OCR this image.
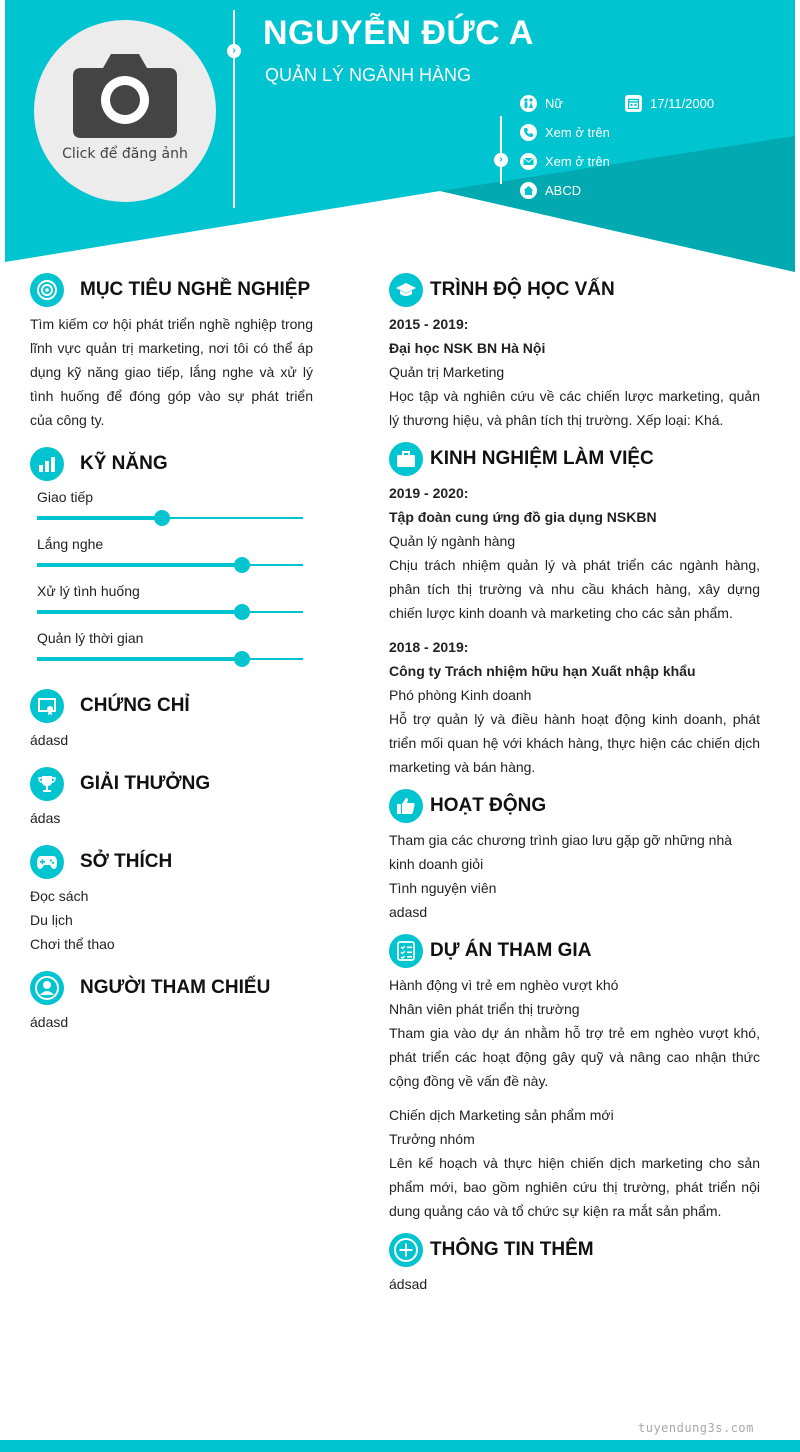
Click để đăng ảnh
› NGUYỄN ĐỨC A
QUẢN LÝ NGÀNH HÀNG
›
Nữ	17/11/2000
Xem ở trên
Xem ở trên
ABCD
MỤC TIÊU NGHỀ NGHIỆP
Tìm kiếm cơ hội phát triển nghề nghiệp trong lĩnh vực quản trị marketing, nơi tôi có thể áp dụng kỹ năng giao tiếp, lắng nghe và xử lý tình huống để đóng góp vào sự phát triển của công ty.
KỸ NĂNG
Giao tiếp
Lắng nghe
Xử lý tình huống
Quản lý thời gian
CHỨNG CHỈ
ádasd
GIẢI THƯỞNG
ádas
SỞ THÍCH
Đọc sách
Du lịch
Chơi thể thao
NGƯỜI THAM CHIẾU
ádasd
TRÌNH ĐỘ HỌC VẤN
2015 - 2019:
Đại học NSK BN Hà Nội
Quản trị Marketing
Học tập và nghiên cứu về các chiến lược marketing, quản lý thương hiệu, và phân tích thị trường. Xếp loại: Khá.
KINH NGHIỆM LÀM VIỆC
2019 - 2020:
Tập đoàn cung ứng đồ gia dụng NSKBN
Quản lý ngành hàng
Chịu trách nhiệm quản lý và phát triển các ngành hàng, phân tích thị trường và nhu cầu khách hàng, xây dựng chiến lược kinh doanh và marketing cho các sản phẩm.
2018 - 2019:
Công ty Trách nhiệm hữu hạn Xuất nhập khẩu
Phó phòng Kinh doanh
Hỗ trợ quản lý và điều hành hoạt động kinh doanh, phát triển mối quan hệ với khách hàng, thực hiện các chiến dịch marketing và bán hàng.
HOẠT ĐỘNG
Tham gia các chương trình giao lưu gặp gỡ những nhà kinh doanh giỏi
Tình nguyện viên
adasd
DỰ ÁN THAM GIA
Hành động vì trẻ em nghèo vượt khó
Nhân viên phát triển thị trường
Tham gia vào dự án nhằm hỗ trợ trẻ em nghèo vượt khó, phát triển các hoạt động gây quỹ và nâng cao nhận thức cộng đồng về vấn đề này.
Chiến dịch Marketing sản phẩm mới
Trưởng nhóm
Lên kế hoạch và thực hiện chiến dịch marketing cho sản phẩm mới, bao gồm nghiên cứu thị trường, phát triển nội dung quảng cáo và tổ chức sự kiện ra mắt sản phẩm.
THÔNG TIN THÊM
ádsad
tuyendung3s.com
